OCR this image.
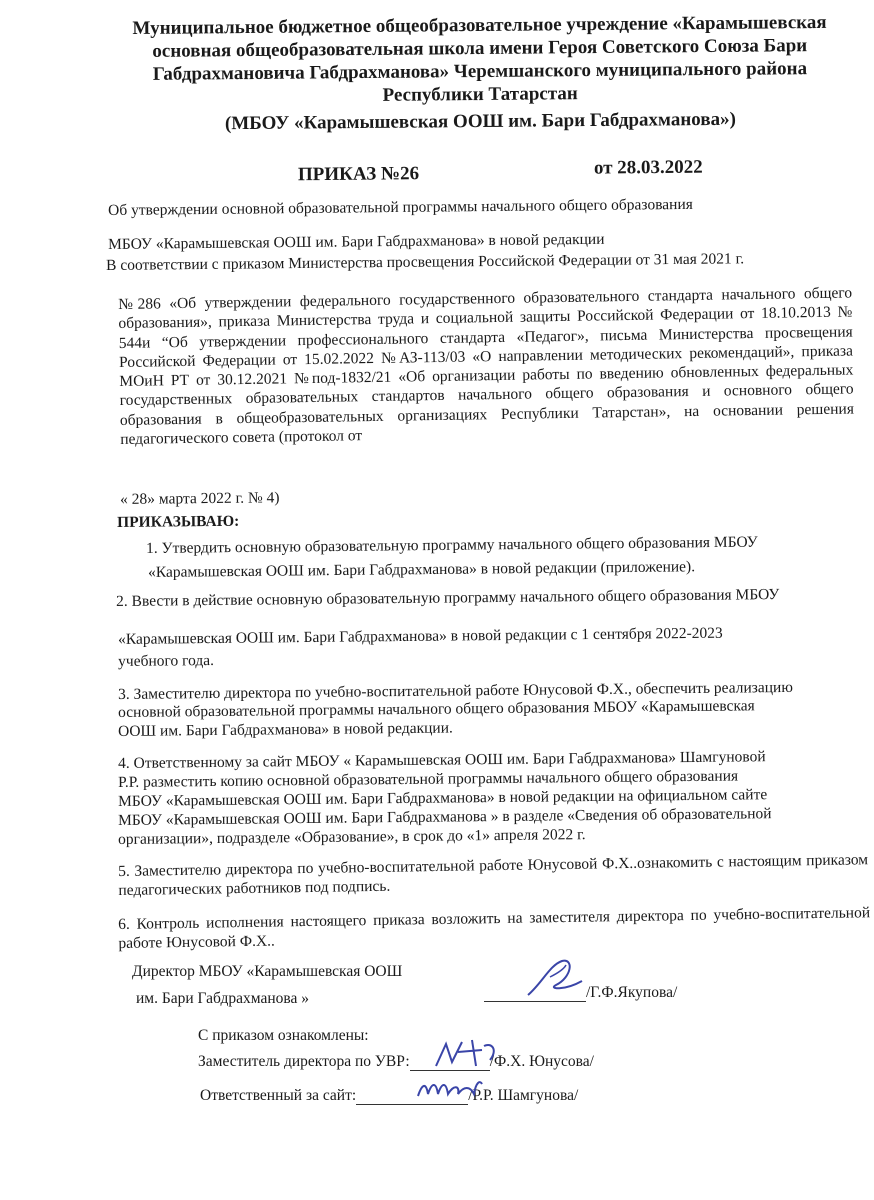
Муниципальное бюджетное общеобразовательное учреждение «Карамышевская
основная общеобразовательная школа имени Героя Советского Союза Бари
Габдрахмановича Габдрахманова» Черемшанского муниципального района
Республики Татарстан
(МБОУ «Карамышевская ООШ им. Бари Габдрахманова»)
ПРИКАЗ №26	от 28.03.2022
Об утверждении основной образовательной программы начального общего образования
МБОУ «Карамышевская ООШ им. Бари Габдрахманова» в новой редакции
В соответствии с приказом Министерства просвещения Российской Федерации от 31 мая 2021 г.
№286 «Об утверждении федерального государственного образовательного стандарта начального общего образования», приказа Министерства труда и социальной защиты Российской Федерации от 18.10.2013 № 544и “Об утверждении профессионального стандарта «Педагог», письма Министерства просвещения Российской Федерации от 15.02.2022 №АЗ-113/03 «О направлении методических рекомендаций», приказа МОиН РТ от 30.12.2021 №под-1832/21 «Об организации работы по введению обновленных федеральных государственных образовательных стандартов начального общего образования и основного общего образования в общеобразовательных организациях Республики Татарстан», на основании решения педагогического совета (протокол от
« 28» марта 2022 г. № 4)
ПРИКАЗЫВАЮ:
1. Утвердить основную образовательную программу начального общего образования МБОУ
«Карамышевская ООШ им. Бари Габдрахманова» в новой редакции (приложение).
2. Ввести в действие основную образовательную программу начального общего образования МБОУ
«Карамышевская ООШ им. Бари Габдрахманова» в новой редакции с 1 сентября 2022-2023
учебного года.
3. Заместителю директора по учебно-воспитательной работе Юнусовой Ф.Х., обеспечить реализацию
основной образовательной программы начального общего образования МБОУ «Карамышевская
ООШ им. Бари Габдрахманова» в новой редакции.
4. Ответственному за сайт МБОУ « Карамышевская ООШ им. Бари Габдрахманова» Шамгуновой
Р.Р. разместить копию основной образовательной программы начального общего образования
МБОУ «Карамышевская ООШ им. Бари Габдрахманова» в новой редакции на официальном сайте
МБОУ «Карамышевская ООШ им. Бари Габдрахманова » в разделе «Сведения об образовательной
организации», подразделе «Образование», в срок до «1» апреля 2022 г.
5. Заместителю директора по учебно-воспитательной работе Юнусовой Ф.Х..ознакомить с настоящим приказом педагогических работников под подпись.
6. Контроль исполнения настоящего приказа возложить на заместителя директора по учебно-воспитательной работе Юнусовой Ф.Х..
Директор МБОУ «Карамышевская ООШ
им. Бари Габдрахманова »	/Г.Ф.Якупова/
С приказом ознакомлены:
Заместитель директора по УВР:	/Ф.Х. Юнусова/
Ответственный за сайт:	/Р.Р. Шамгунова/
